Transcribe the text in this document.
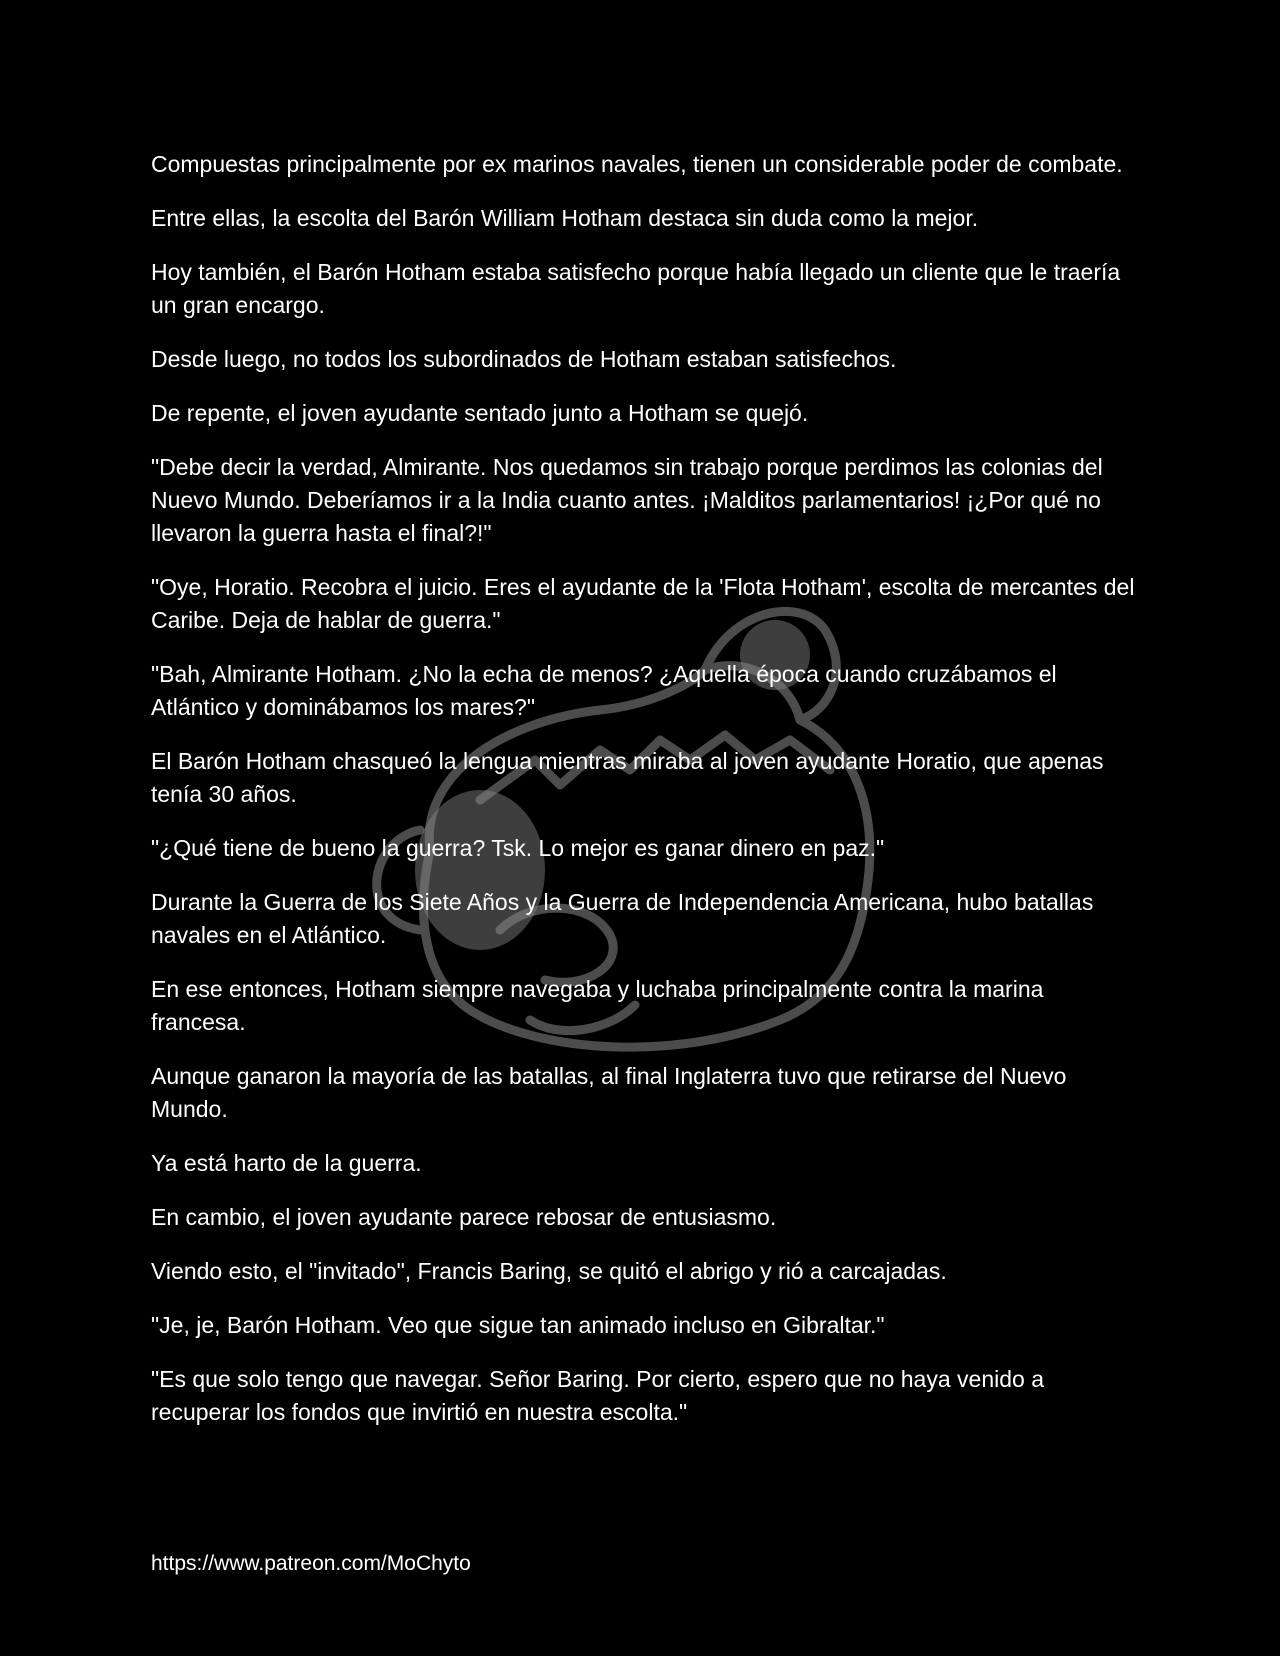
Compuestas principalmente por ex marinos navales, tienen un considerable poder de combate.

Entre ellas, la escolta del Barón William Hotham destaca sin duda como la mejor.

Hoy también, el Barón Hotham estaba satisfecho porque había llegado un cliente que le traería un gran encargo.

Desde luego, no todos los subordinados de Hotham estaban satisfechos.

De repente, el joven ayudante sentado junto a Hotham se quejó.

"Debe decir la verdad, Almirante. Nos quedamos sin trabajo porque perdimos las colonias del Nuevo Mundo. Deberíamos ir a la India cuanto antes. ¡Malditos parlamentarios! ¡¿Por qué no llevaron la guerra hasta el final?!"

"Oye, Horatio. Recobra el juicio. Eres el ayudante de la 'Flota Hotham', escolta de mercantes del Caribe. Deja de hablar de guerra."

"Bah, Almirante Hotham. ¿No la echa de menos? ¿Aquella época cuando cruzábamos el Atlántico y dominábamos los mares?"

El Barón Hotham chasqueó la lengua mientras miraba al joven ayudante Horatio, que apenas tenía 30 años.

"¿Qué tiene de bueno la guerra? Tsk. Lo mejor es ganar dinero en paz."

Durante la Guerra de los Siete Años y la Guerra de Independencia Americana, hubo batallas navales en el Atlántico.

En ese entonces, Hotham siempre navegaba y luchaba principalmente contra la marina francesa.

Aunque ganaron la mayoría de las batallas, al final Inglaterra tuvo que retirarse del Nuevo Mundo.

Ya está harto de la guerra.

En cambio, el joven ayudante parece rebosar de entusiasmo.

Viendo esto, el "invitado", Francis Baring, se quitó el abrigo y rió a carcajadas.

"Je, je, Barón Hotham. Veo que sigue tan animado incluso en Gibraltar."

"Es que solo tengo que navegar. Señor Baring. Por cierto, espero que no haya venido a recuperar los fondos que invirtió en nuestra escolta."

https://www.patreon.com/MoChyto
